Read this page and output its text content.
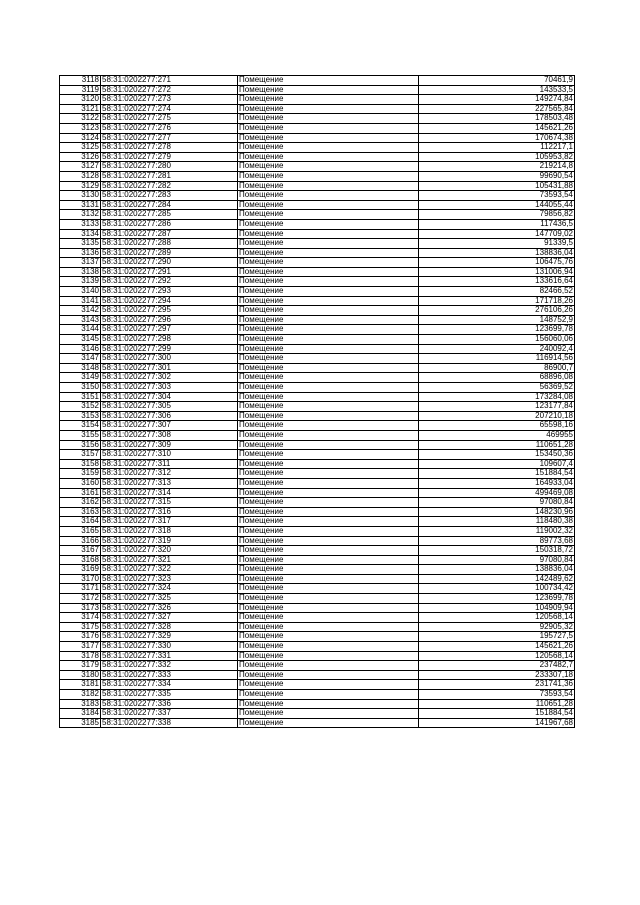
3118	58:31:0202277:271	Помещение	70461,9
3119	58:31:0202277:272	Помещение	143533,5
3120	58:31:0202277:273	Помещение	149274,84
3121	58:31:0202277:274	Помещение	227565,84
3122	58:31:0202277:275	Помещение	178503,48
3123	58:31:0202277:276	Помещение	145621,26
3124	58:31:0202277:277	Помещение	170674,38
3125	58:31:0202277:278	Помещение	112217,1
3126	58:31:0202277:279	Помещение	105953,82
3127	58:31:0202277:280	Помещение	219214,8
3128	58:31:0202277:281	Помещение	99690,54
3129	58:31:0202277:282	Помещение	105431,88
3130	58:31:0202277:283	Помещение	73593,54
3131	58:31:0202277:284	Помещение	144055,44
3132	58:31:0202277:285	Помещение	79856,82
3133	58:31:0202277:286	Помещение	117436,5
3134	58:31:0202277:287	Помещение	147709,02
3135	58:31:0202277:288	Помещение	91339,5
3136	58:31:0202277:289	Помещение	138836,04
3137	58:31:0202277:290	Помещение	106475,76
3138	58:31:0202277:291	Помещение	131006,94
3139	58:31:0202277:292	Помещение	133616,64
3140	58:31:0202277:293	Помещение	82466,52
3141	58:31:0202277:294	Помещение	171718,26
3142	58:31:0202277:295	Помещение	276106,26
3143	58:31:0202277:296	Помещение	148752,9
3144	58:31:0202277:297	Помещение	123699,78
3145	58:31:0202277:298	Помещение	156060,06
3146	58:31:0202277:299	Помещение	240092,4
3147	58:31:0202277:300	Помещение	116914,56
3148	58:31:0202277:301	Помещение	86900,7
3149	58:31:0202277:302	Помещение	68896,08
3150	58:31:0202277:303	Помещение	56369,52
3151	58:31:0202277:304	Помещение	173284,08
3152	58:31:0202277:305	Помещение	123177,84
3153	58:31:0202277:306	Помещение	207210,18
3154	58:31:0202277:307	Помещение	65598,16
3155	58:31:0202277:308	Помещение	469955
3156	58:31:0202277:309	Помещение	110651,28
3157	58:31:0202277:310	Помещение	153450,36
3158	58:31:0202277:311	Помещение	109607,4
3159	58:31:0202277:312	Помещение	151884,54
3160	58:31:0202277:313	Помещение	164933,04
3161	58:31:0202277:314	Помещение	499469,08
3162	58:31:0202277:315	Помещение	97080,84
3163	58:31:0202277:316	Помещение	148230,96
3164	58:31:0202277:317	Помещение	118480,38
3165	58:31:0202277:318	Помещение	119002,32
3166	58:31:0202277:319	Помещение	89773,68
3167	58:31:0202277:320	Помещение	150318,72
3168	58:31:0202277:321	Помещение	97080,84
3169	58:31:0202277:322	Помещение	138836,04
3170	58:31:0202277:323	Помещение	142489,62
3171	58:31:0202277:324	Помещение	100734,42
3172	58:31:0202277:325	Помещение	123699,78
3173	58:31:0202277:326	Помещение	104909,94
3174	58:31:0202277:327	Помещение	120568,14
3175	58:31:0202277:328	Помещение	92905,32
3176	58:31:0202277:329	Помещение	195727,5
3177	58:31:0202277:330	Помещение	145621,26
3178	58:31:0202277:331	Помещение	120568,14
3179	58:31:0202277:332	Помещение	237482,7
3180	58:31:0202277:333	Помещение	233307,18
3181	58:31:0202277:334	Помещение	231741,36
3182	58:31:0202277:335	Помещение	73593,54
3183	58:31:0202277:336	Помещение	110651,28
3184	58:31:0202277:337	Помещение	151884,54
3185	58:31:0202277:338	Помещение	141967,68
